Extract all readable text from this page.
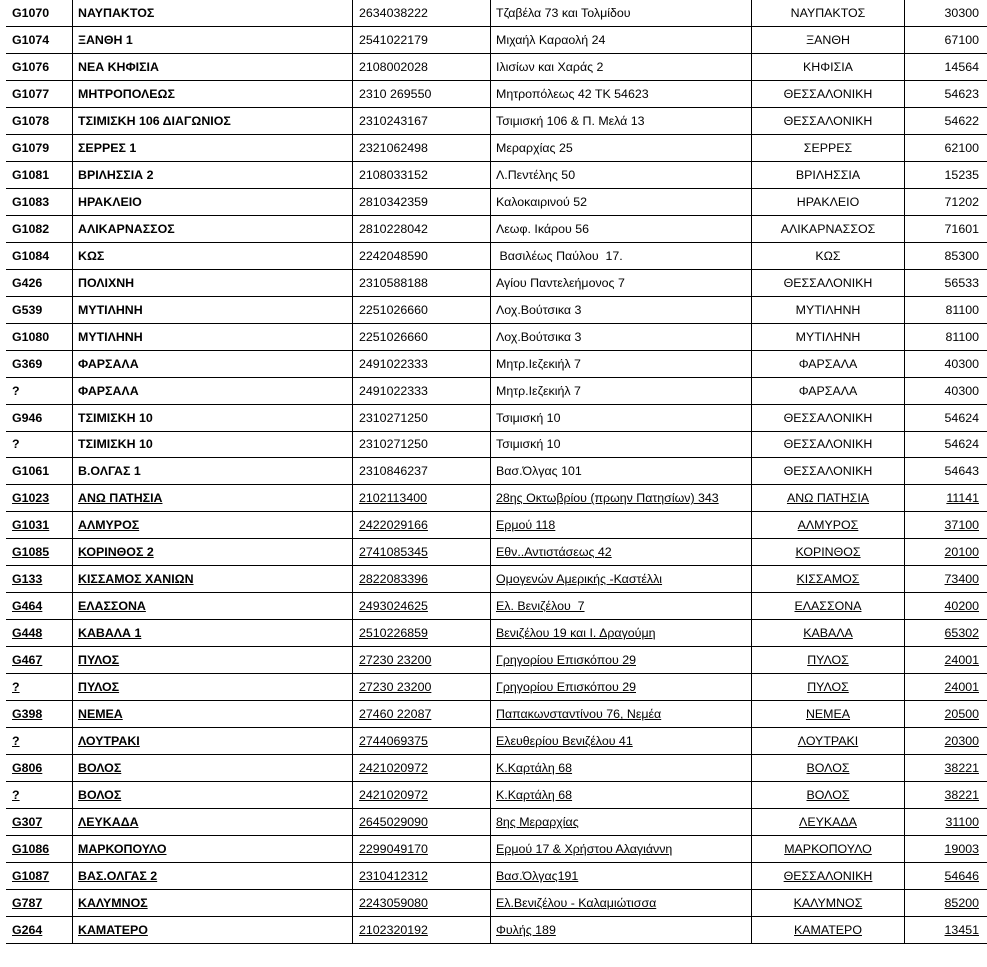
G1070	ΝΑΥΠΑΚΤΟΣ	2634038222	Τζαβέλα 73 και Τολμίδου	ΝΑΥΠΑΚΤΟΣ	30300
G1074	ΞΑΝΘΗ 1	2541022179	Μιχαήλ Καραολή 24	ΞΑΝΘΗ	67100
G1076	ΝΕΑ ΚΗΦΙΣΙΑ	2108002028	Ιλισίων και Χαράς 2	ΚΗΦΙΣΙΑ	14564
G1077	ΜΗΤΡΟΠΟΛΕΩΣ	2310 269550	Μητροπόλεως 42 ΤΚ 54623	ΘΕΣΣΑΛΟΝΙΚΗ	54623
G1078	ΤΣΙΜΙΣΚΗ 106 ΔΙΑΓΩΝΙΟΣ	2310243167	Τσιμισκή 106 & Π. Μελά 13	ΘΕΣΣΑΛΟΝΙΚΗ	54622
G1079	ΣΕΡΡΕΣ 1	2321062498	Μεραρχίας 25	ΣΕΡΡΕΣ	62100
G1081	ΒΡΙΛΗΣΣΙΑ 2	2108033152	Λ.Πεντέλης 50	ΒΡΙΛΗΣΣΙΑ	15235
G1083	ΗΡΑΚΛΕΙΟ	2810342359	Καλοκαιρινού 52	ΗΡΑΚΛΕΙΟ	71202
G1082	ΑΛΙΚΑΡΝΑΣΣΟΣ	2810228042	Λεωφ. Ικάρου 56	ΑΛΙΚΑΡΝΑΣΣΟΣ	71601
G1084	ΚΩΣ	2242048590	Βασιλέως Παύλου  17.	ΚΩΣ	85300
G426	ΠΟΛΙΧΝΗ	2310588188	Αγίου Παντελεήμονος 7	ΘΕΣΣΑΛΟΝΙΚΗ	56533
G539	ΜΥΤΙΛΗΝΗ	2251026660	Λοχ.Βούτσικα 3	ΜΥΤΙΛΗΝΗ	81100
G1080	ΜΥΤΙΛΗΝΗ	2251026660	Λοχ.Βούτσικα 3	ΜΥΤΙΛΗΝΗ	81100
G369	ΦΑΡΣΑΛΑ	2491022333	Μητρ.Ιεζεκιήλ 7	ΦΑΡΣΑΛΑ	40300
?	ΦΑΡΣΑΛΑ	2491022333	Μητρ.Ιεζεκιήλ 7	ΦΑΡΣΑΛΑ	40300
G946	ΤΣΙΜΙΣΚΗ 10	2310271250	Τσιμισκή 10	ΘΕΣΣΑΛΟΝΙΚΗ	54624
?	ΤΣΙΜΙΣΚΗ 10	2310271250	Τσιμισκή 10	ΘΕΣΣΑΛΟΝΙΚΗ	54624
G1061	Β.ΟΛΓΑΣ 1	2310846237	Βασ.Όλγας 101	ΘΕΣΣΑΛΟΝΙΚΗ	54643
G1023	ΑΝΩ ΠΑΤΗΣΙΑ	2102113400	28ης Οκτωβρίου (πρωην Πατησίων) 343	ΑΝΩ ΠΑΤΗΣΙΑ	11141
G1031	ΑΛΜΥΡΟΣ	2422029166	Ερμού 118	ΑΛΜΥΡΟΣ	37100
G1085	ΚΟΡΙΝΘΟΣ 2	2741085345	Εθν..Αντιστάσεως 42	ΚΟΡΙΝΘΟΣ	20100
G133	ΚΙΣΣΑΜΟΣ ΧΑΝΙΩΝ	2822083396	Ομογενών Αμερικής -Καστέλλι	ΚΙΣΣΑΜΟΣ	73400
G464	ΕΛΑΣΣΟΝΑ	2493024625	Ελ. Βενιζέλου  7	ΕΛΑΣΣΟΝΑ	40200
G448	ΚΑΒΑΛΑ 1	2510226859	Βενιζέλου 19 και Ι. Δραγούμη	ΚΑΒΑΛΑ	65302
G467	ΠΥΛΟΣ	27230 23200	Γρηγορίου Επισκόπου 29	ΠΥΛΟΣ	24001
?	ΠΥΛΟΣ	27230 23200	Γρηγορίου Επισκόπου 29	ΠΥΛΟΣ	24001
G398	ΝΕΜΕΑ	27460 22087	Παπακωνσταντίνου 76, Νεμέα	ΝΕΜΕΑ	20500
?	ΛΟΥΤΡΑΚΙ	2744069375	Ελευθερίου Βενιζέλου 41	ΛΟΥΤΡΑΚΙ	20300
G806	ΒΟΛΟΣ	2421020972	Κ.Καρτάλη 68	ΒΟΛΟΣ	38221
?	ΒΟΛΟΣ	2421020972	Κ.Καρτάλη 68	ΒΟΛΟΣ	38221
G307	ΛΕΥΚΑΔΑ	2645029090	8ης Μεραρχίας	ΛΕΥΚΑΔΑ	31100
G1086	ΜΑΡΚΟΠΟΥΛΟ	2299049170	Ερμού 17 & Χρήστου Αλαγιάννη	ΜΑΡΚΟΠΟΥΛΟ	19003
G1087	ΒΑΣ.ΟΛΓΑΣ 2	2310412312	Βασ.Όλγας191	ΘΕΣΣΑΛΟΝΙΚΗ	54646
G787	ΚΑΛΥΜΝΟΣ	2243059080	Ελ.Βενιζέλου - Καλαμιώτισσα	ΚΑΛΥΜΝΟΣ	85200
G264	ΚΑΜΑΤΕΡΟ	2102320192	Φυλής 189	ΚΑΜΑΤΕΡΟ	13451
